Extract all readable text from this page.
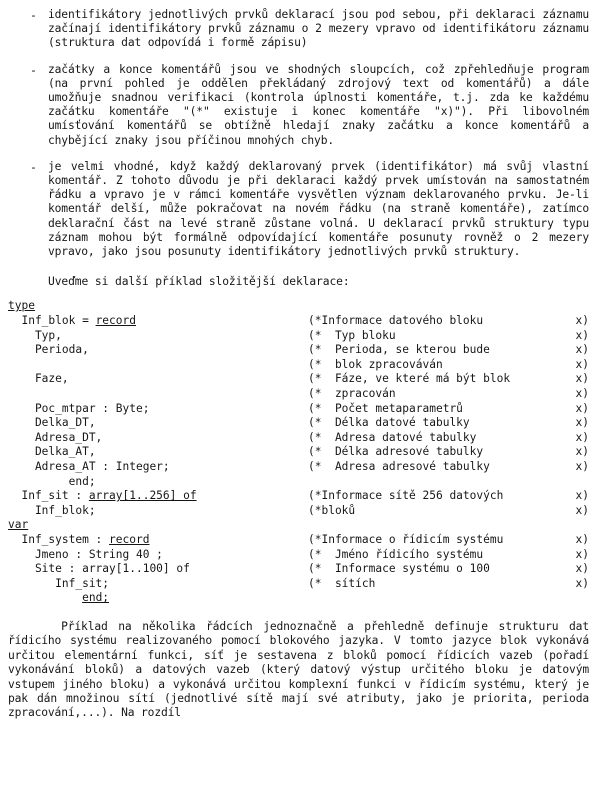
- identifikátory jednotlivých prvků deklarací jsou pod sebou, při deklaraci záznamu začínají identifikátory prvků záznamu o 2 mezery vpravo od identifikátoru záznamu (struktura dat odpovídá i formě zápisu)
- začátky a konce komentářů jsou ve shodných sloupcích, což zpřehledňuje program (na první pohled je oddělen překládaný zdrojový text od komentářů) a dále umožňuje snadnou verifikaci (kontrola úplnosti komentáře, t.j. zda ke každému začátku komentáře "(*" existuje i konec komentáře "x)"). Při libovolném umísťování komentářů se obtížně hledají znaky začátku a konce komentářů a chybějící znaky jsou příčinou mnohých chyb.
- je velmi vhodné, když každý deklarovaný prvek (identifikátor) má svůj vlastní komentář. Z tohoto důvodu je při deklaraci každý prvek umístován na samostatném řádku a vpravo je v rámci komentáře vysvětlen význam deklarovaného prvku. Je-li komentář delší, může pokračovat na novém řádku (na straně komentáře), zatímco deklarační část na levé straně zůstane volná. U deklarací prvků struktury typu záznam mohou být formálně odpovídající komentáře posunuty rovněž o 2 mezery vpravo, jako jsou posunuty identifikátory jednotlivých prvků struktury.
Uveďme si další příklad složitější deklarace:
type
Inf_blok = record	(*Informace datového bloku	x)
Typ,	(*  Typ bloku	x)
Perioda,	(*  Perioda, se kterou bude	x)
(*  blok zpracováván	x)
Faze,	(*  Fáze, ve které má být blok	x)
(*  zpracován	x)
Poc_mtpar : Byte;	(*  Počet metaparametrů	x)
Delka_DT,	(*  Délka datové tabulky	x)
Adresa_DT,	(*  Adresa datové tabulky	x)
Delka_AT,	(*  Délka adresové tabulky	x)
Adresa_AT : Integer;	(*  Adresa adresové tabulky	x)
end;
Inf_sit : array[1..256] of	(*Informace sítě 256 datových	x)
Inf_blok;	(*bloků	x)
var
Inf_system : record	(*Informace o řídicím systému	x)
Jmeno : String 40 ;	(*  Jméno řídicího systému	x)
Site : array[1..100] of	(*  Informace systému o 100	x)
Inf_sit;	(*  sítích	x)
end;
Příklad na několika řádcích jednoznačně a přehledně definuje strukturu dat řídicího systému realizovaného pomocí blokového jazyka. V tomto jazyce blok vykonává určitou elementární funkci, síť je sestavena z bloků pomocí řídicích vazeb (pořadí vykonávání bloků) a datových vazeb (který datový výstup určitého bloku je datovým vstupem jiného bloku) a vykonává určitou komplexní funkci v řídicím systému, který je pak dán množinou sítí (jednotlivé sítě mají své atributy, jako je priorita, perioda zpracování,...). Na rozdíl
